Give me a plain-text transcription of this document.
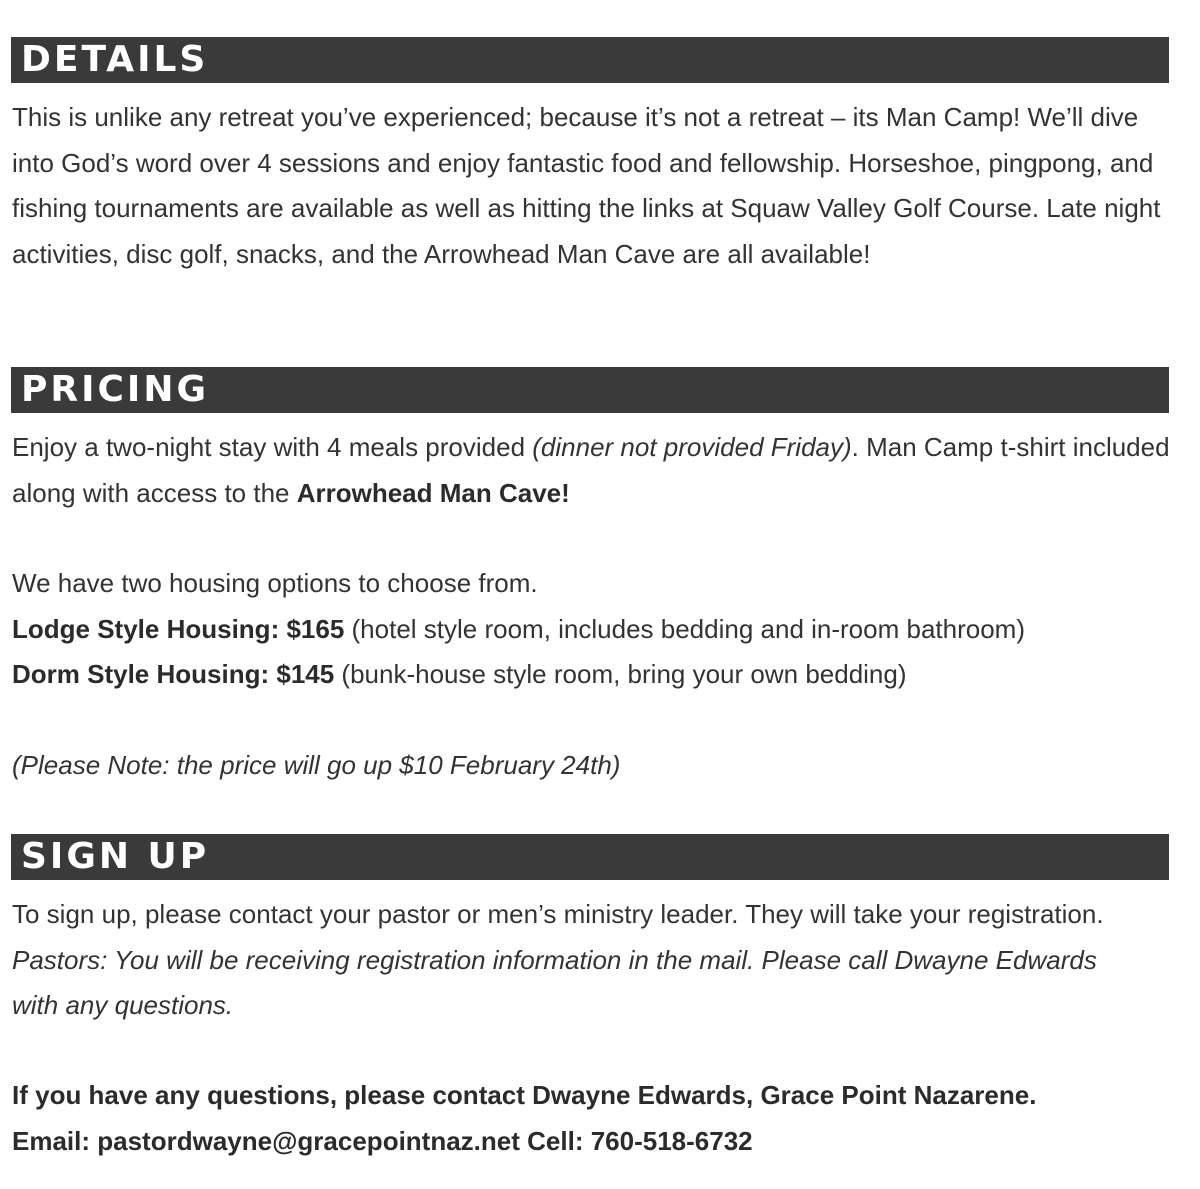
DETAILS

This is unlike any retreat you’ve experienced; because it’s not a retreat – its Man Camp! We’ll dive into God’s word over 4 sessions and enjoy fantastic food and fellowship. Horseshoe, pingpong, and fishing tournaments are available as well as hitting the links at Squaw Valley Golf Course. Late night activities, disc golf, snacks, and the Arrowhead Man Cave are all available!

PRICING

Enjoy a two-night stay with 4 meals provided (dinner not provided Friday). Man Camp t-shirt included along with access to the Arrowhead Man Cave!

We have two housing options to choose from.

Lodge Style Housing: $165 (hotel style room, includes bedding and in-room bathroom)

Dorm Style Housing: $145 (bunk-house style room, bring your own bedding)

(Please Note: the price will go up $10 February 24th)

SIGN UP

To sign up, please contact your pastor or men’s ministry leader. They will take your registration. Pastors: You will be receiving registration information in the mail. Please call Dwayne Edwards with any questions.

If you have any questions, please contact Dwayne Edwards, Grace Point Nazarene.

Email: pastordwayne@gracepointnaz.net Cell: 760-518-6732
